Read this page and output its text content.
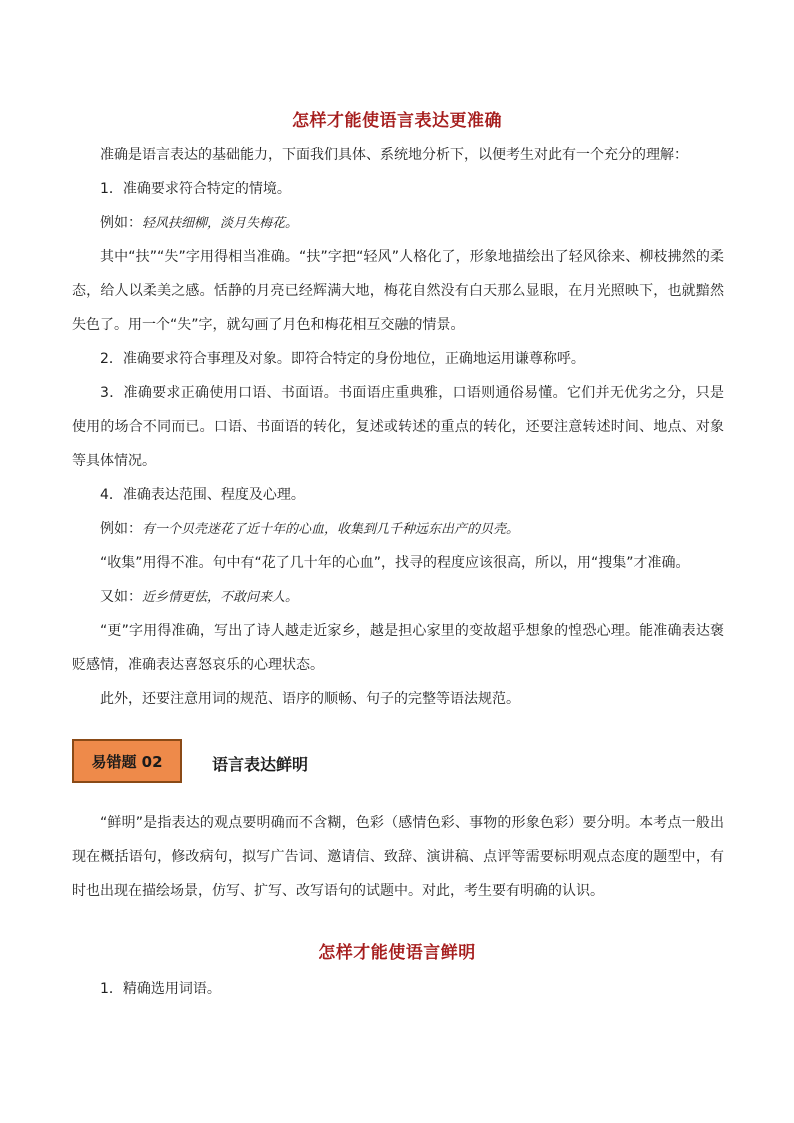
怎样才能使语言表达更准确
准确是语言表达的基础能力，下面我们具体、系统地分析下，以便考生对此有一个充分的理解：
1．准确要求符合特定的情境。
例如：轻风扶细柳，淡月失梅花。
其中“扶”“失”字用得相当准确。“扶”字把“轻风”人格化了，形象地描绘出了轻风徐来、柳枝拂然的柔态，给人以柔美之感。恬静的月亮已经辉满大地，梅花自然没有白天那么显眼，在月光照映下，也就黯然失色了。用一个“失”字，就勾画了月色和梅花相互交融的情景。
2．准确要求符合事理及对象。即符合特定的身份地位，正确地运用谦尊称呼。
3．准确要求正确使用口语、书面语。书面语庄重典雅，口语则通俗易懂。它们并无优劣之分，只是使用的场合不同而已。口语、书面语的转化，复述或转述的重点的转化，还要注意转述时间、地点、对象等具体情况。
4．准确表达范围、程度及心理。
例如：有一个贝壳迷花了近十年的心血，收集到几千种远东出产的贝壳。
“收集”用得不准。句中有“花了几十年的心血”，找寻的程度应该很高，所以，用“搜集”才准确。
又如：近乡情更怯，不敢问来人。
“更”字用得准确，写出了诗人越走近家乡，越是担心家里的变故超乎想象的惶恐心理。能准确表达褒贬感情，准确表达喜怒哀乐的心理状态。
此外，还要注意用词的规范、语序的顺畅、句子的完整等语法规范。
易错题 02	语言表达鲜明
“鲜明”是指表达的观点要明确而不含糊，色彩（感情色彩、事物的形象色彩）要分明。本考点一般出现在概括语句，修改病句，拟写广告词、邀请信、致辞、演讲稿、点评等需要标明观点态度的题型中，有时也出现在描绘场景，仿写、扩写、改写语句的试题中。对此，考生要有明确的认识。
怎样才能使语言鲜明
1．精确选用词语。
